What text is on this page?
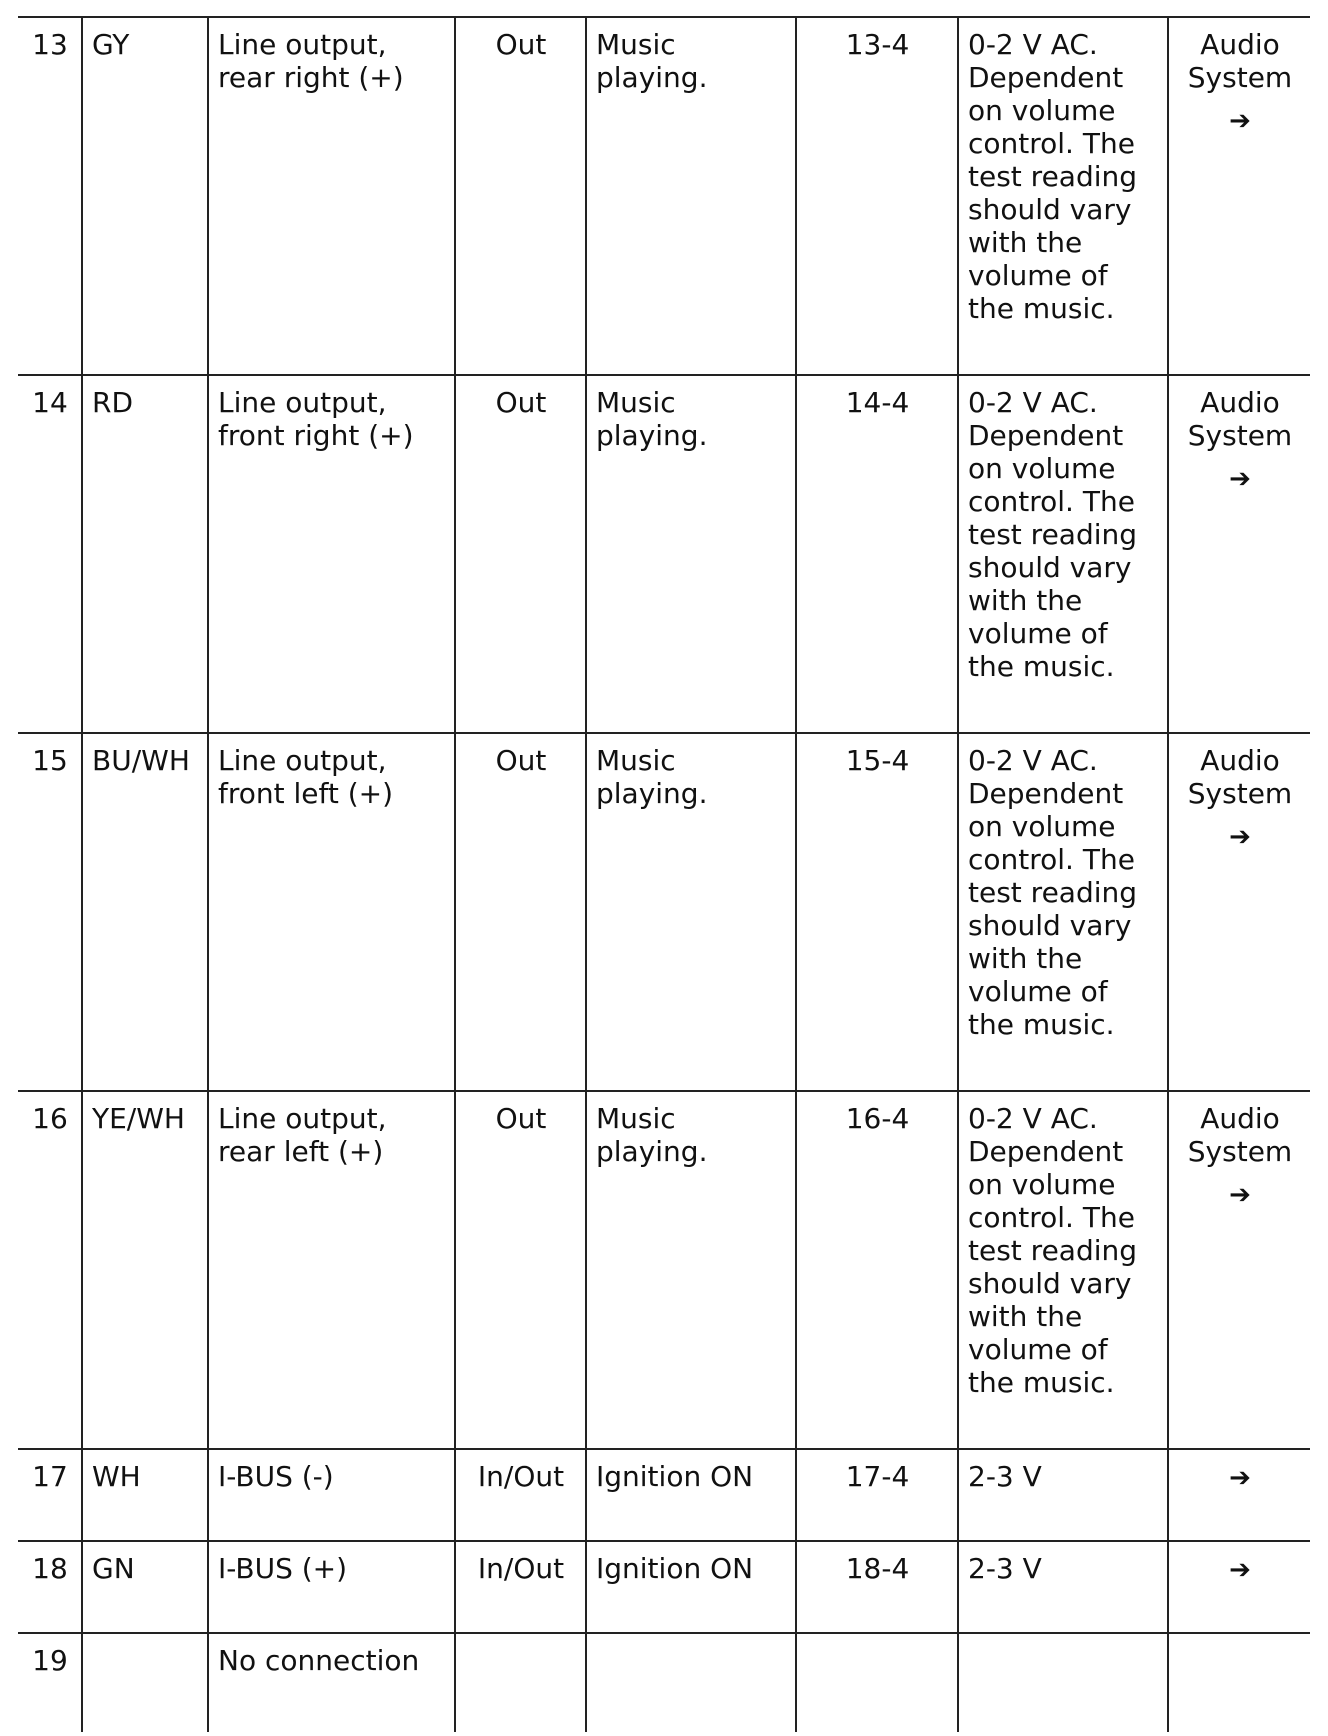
13	GY	Line output, rear right (+)	Out	Music playing.	13-4	0-2 V AC. Dependent on volume control. The test reading should vary with the volume of the music.	Audio System
➔
14	RD	Line output, front right (+)	Out	Music playing.	14-4	0-2 V AC. Dependent on volume control. The test reading should vary with the volume of the music.	Audio System
➔
15	BU/WH	Line output, front left (+)	Out	Music playing.	15-4	0-2 V AC. Dependent on volume control. The test reading should vary with the volume of the music.	Audio System
➔
16	YE/WH	Line output, rear left (+)	Out	Music playing.	16-4	0-2 V AC. Dependent on volume control. The test reading should vary with the volume of the music.	Audio System
➔
17	WH	I-BUS (-)	In/Out	Ignition ON	17-4	2-3 V	➔
18	GN	I-BUS (+)	In/Out	Ignition ON	18-4	2-3 V	➔
19		No connection					
